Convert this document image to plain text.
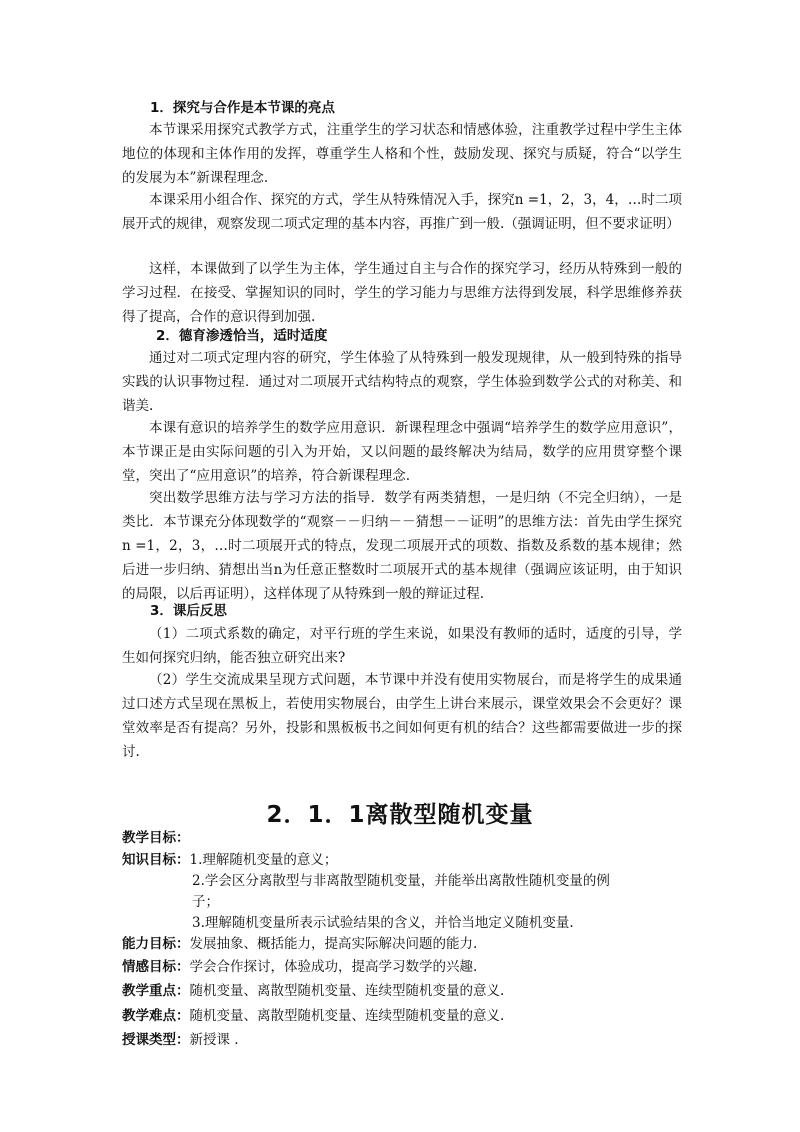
1．探究与合作是本节课的亮点
本节课采用探究式教学方式，注重学生的学习状态和情感体验，注重教学过程中学生主体地位的体现和主体作用的发挥，尊重学生人格和个性，鼓励发现、探究与质疑，符合“以学生的发展为本”新课程理念.
本课采用小组合作、探究的方式，学生从特殊情况入手，探究n =1，2，3，4，…时二项展开式的规律，观察发现二项式定理的基本内容，再推广到一般.（强调证明，但不要求证明）
这样，本课做到了以学生为主体，学生通过自主与合作的探究学习，经历从特殊到一般的学习过程．在接受、掌握知识的同时，学生的学习能力与思维方法得到发展，科学思维修养获得了提高，合作的意识得到加强.
2．德育渗透恰当，适时适度
通过对二项式定理内容的研究，学生体验了从特殊到一般发现规律，从一般到特殊的指导实践的认识事物过程．通过对二项展开式结构特点的观察，学生体验到数学公式的对称美、和谐美.
本课有意识的培养学生的数学应用意识．新课程理念中强调“培养学生的数学应用意识”，本节课正是由实际问题的引入为开始，又以问题的最终解决为结局，数学的应用贯穿整个课堂，突出了“应用意识”的培养，符合新课程理念.
突出数学思维方法与学习方法的指导．数学有两类猜想，一是归纳（不完全归纳），一是类比．本节课充分体现数学的“观察－－归纳－－猜想－－证明”的思维方法：首先由学生探究n =1，2，3，…时二项展开式的特点，发现二项展开式的项数、指数及系数的基本规律；然后进一步归纳、猜想出当n为任意正整数时二项展开式的基本规律（强调应该证明，由于知识的局限，以后再证明），这样体现了从特殊到一般的辩证过程.
3．课后反思
（1）二项式系数的确定，对平行班的学生来说，如果没有教师的适时，适度的引导，学生如何探究归纳，能否独立研究出来?
（2）学生交流成果呈现方式问题，本节课中并没有使用实物展台，而是将学生的成果通过口述方式呈现在黑板上，若使用实物展台，由学生上讲台来展示，课堂效果会不会更好？课堂效率是否有提高？另外，投影和黑板板书之间如何更有机的结合？这些都需要做进一步的探讨.
2．1．1离散型随机变量
教学目标：
知识目标：1.理解随机变量的意义；
2.学会区分离散型与非离散型随机变量，并能举出离散性随机变量的例子；
3.理解随机变量所表示试验结果的含义，并恰当地定义随机变量.
能力目标：发展抽象、概括能力，提高实际解决问题的能力.
情感目标：学会合作探讨，体验成功，提高学习数学的兴趣.
教学重点：随机变量、离散型随机变量、连续型随机变量的意义.
教学难点：随机变量、离散型随机变量、连续型随机变量的意义.
授课类型：新授课 .
